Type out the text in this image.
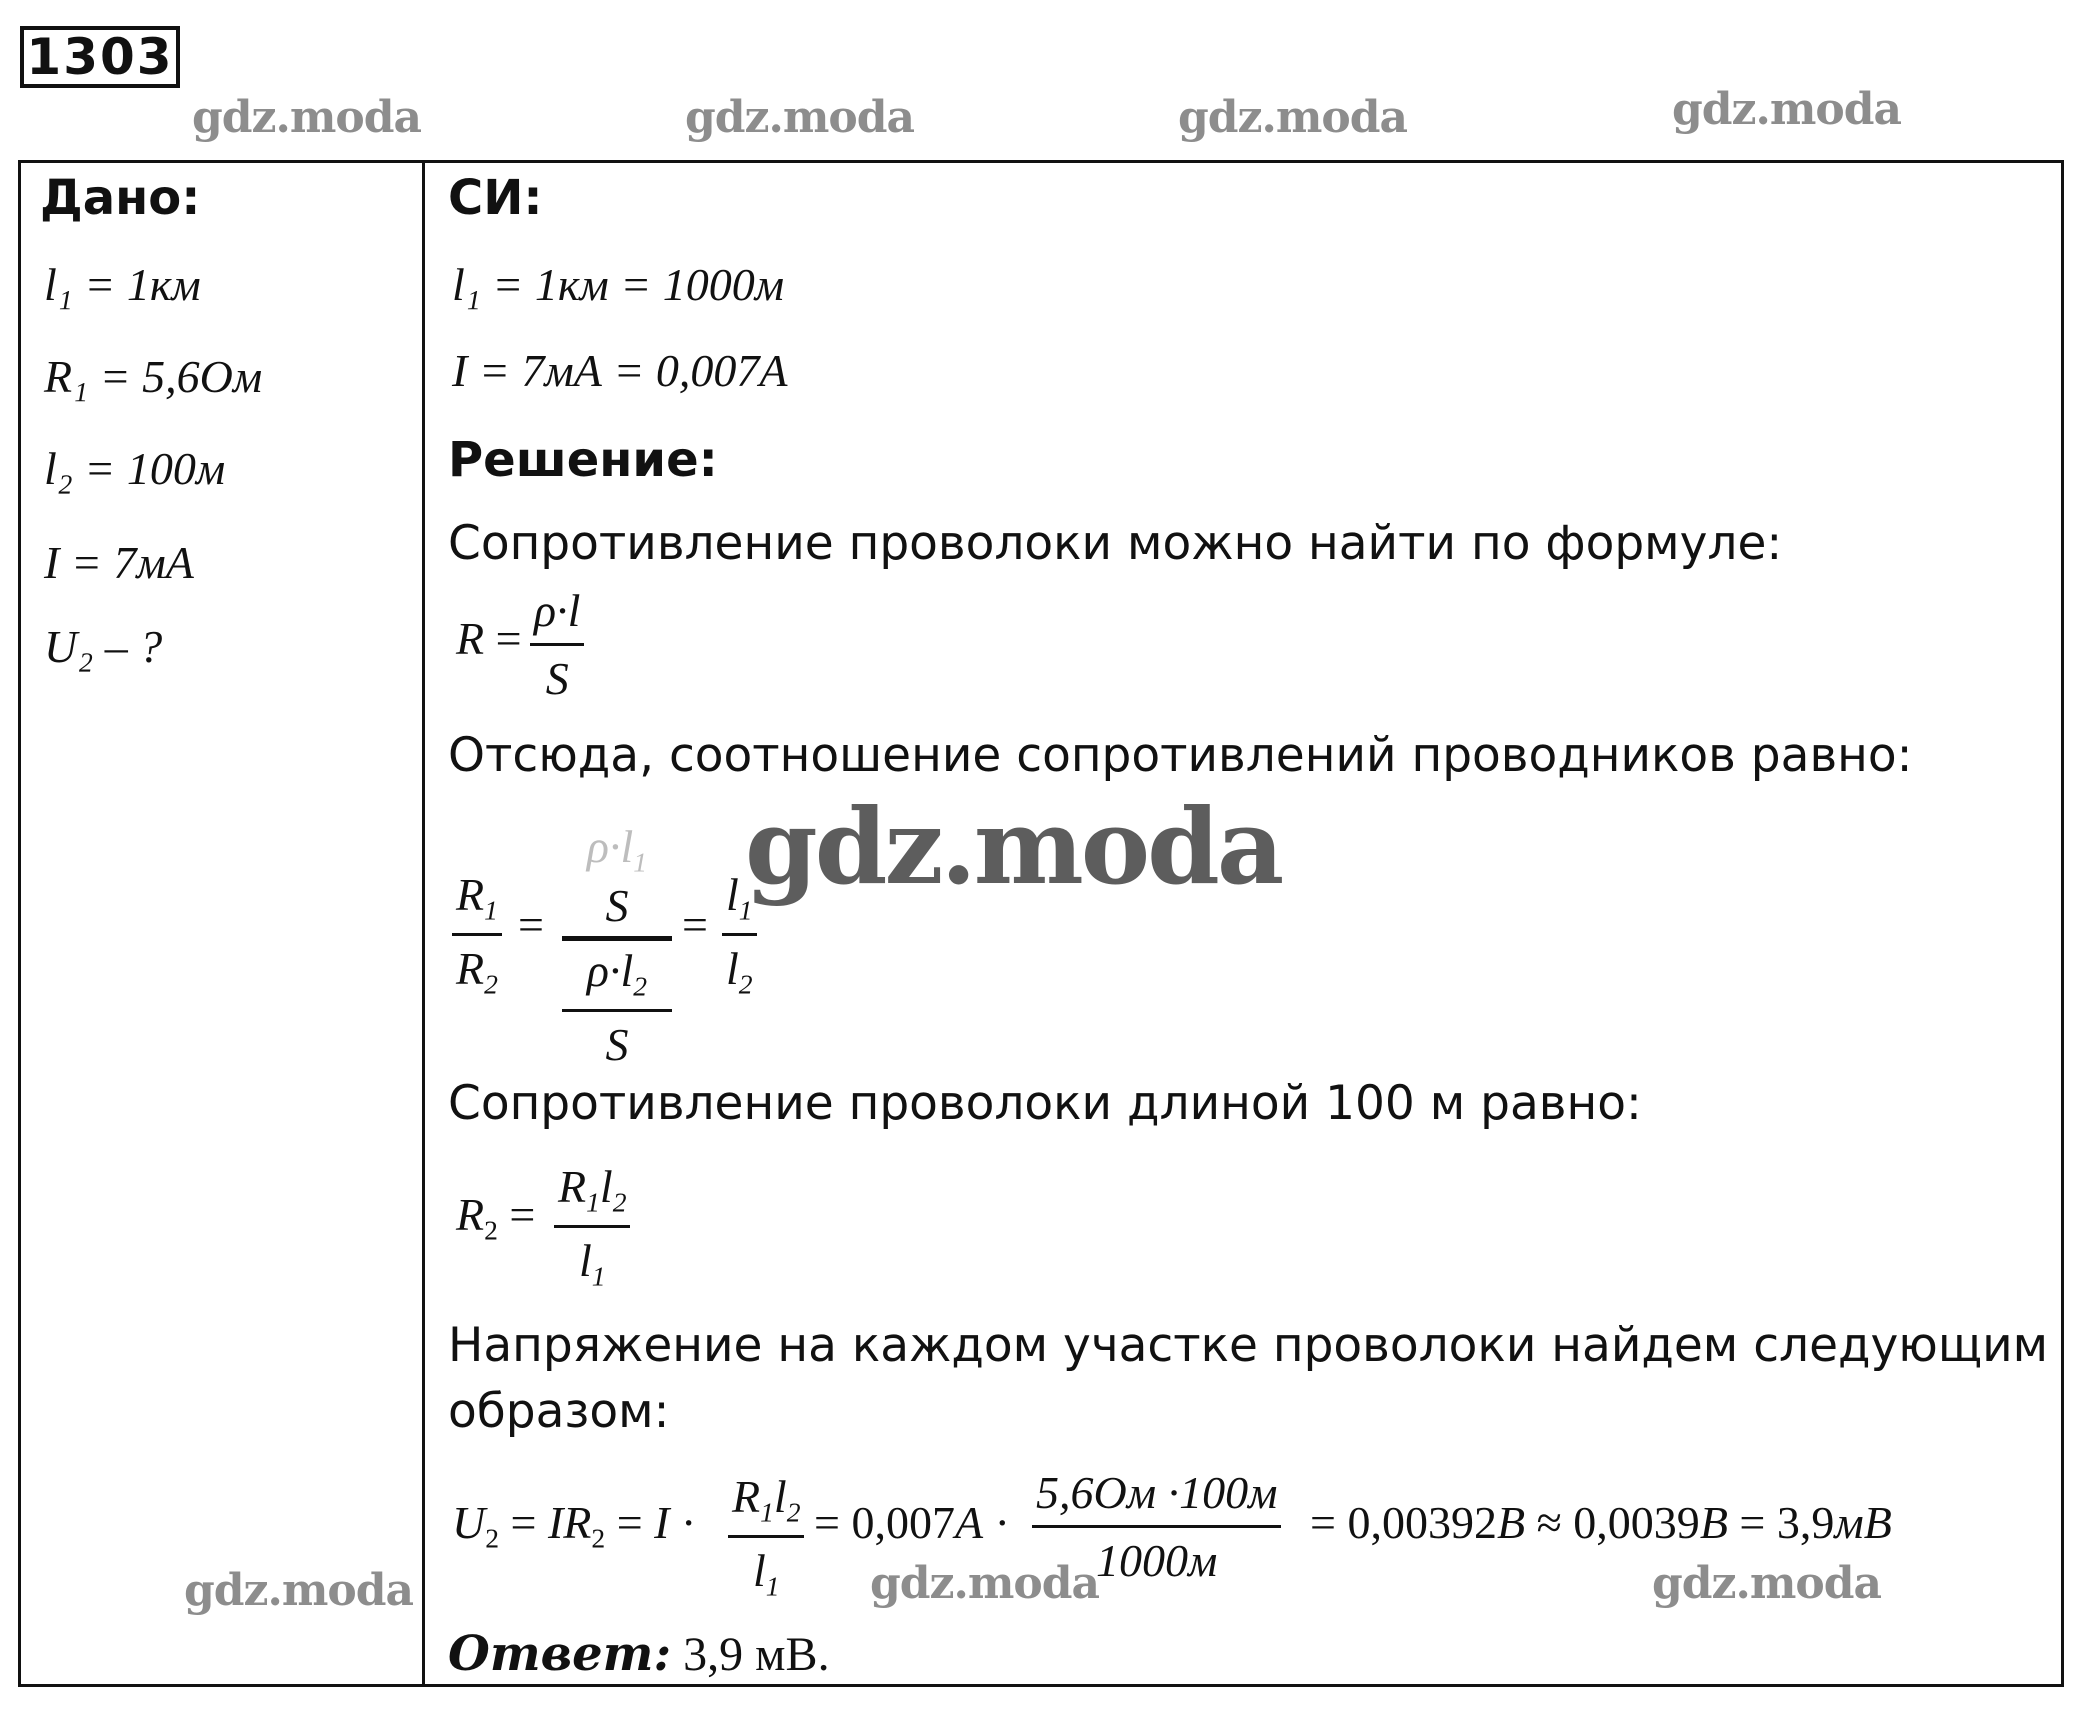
1303
gdz.moda	gdz.moda	gdz.moda	gdz.moda
gdz.moda	gdz.moda	gdz.moda
Дано:
l₁ = 1км
R₁ = 5,6Ом
l₂ = 100м
I = 7мА
U₂ – ?
СИ:
l₁ = 1км = 1000м
I = 7мА = 0,007А
Решение:
Сопротивление проволоки можно найти по формуле:
$R = \frac{\rho\cdot l}{S}$
Отсюда, соотношение сопротивлений проводников равно:
$\frac{R_1}{R_2}$ =
$\rho\cdot l_1$
S
$\frac{\rho\cdot l_2}{S}$
= $\frac{l_1}{l_2}$
gdz.moda
Сопротивление проволоки длиной 100 м равно:
$R_2 = \frac{R_1l_2}{l_1}$
Напряжение на каждом участке проволоки найдем следующим
образом:
$U_2 = IR_2 = I \cdot \frac{R_1l_2}{l_1} = 0,007А$ ·
5,6Ом ·100м
1000м
= 0,00392В ≈ 0,0039В = 3,9мВ
Ответ: 3,9 мВ.
